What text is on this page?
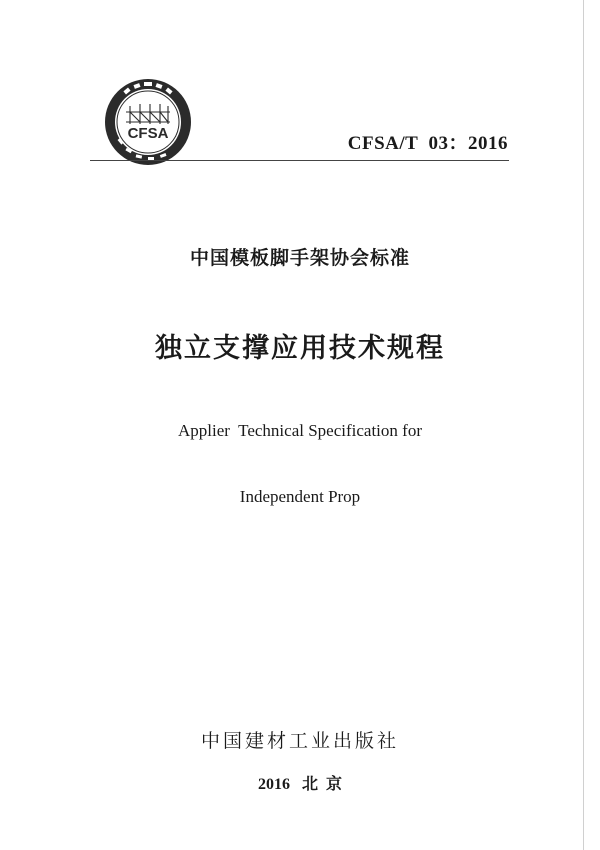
CFSA	CFSA/T  03：2016
中国模板脚手架协会标准
独立支撑应用技术规程

Applier  Technical Specification for

Independent Prop

中国建材工业出版社
2016 北  京
